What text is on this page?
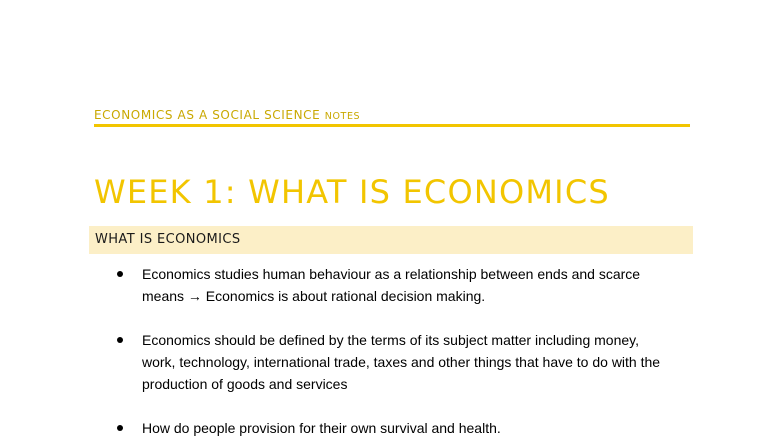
ECONOMICS AS A SOCIAL SCIENCE NOTES
WEEK 1: WHAT IS ECONOMICS
WHAT IS ECONOMICS
Economics studies human behaviour as a relationship between ends and scarce means → Economics is about rational decision making.
Economics should be defined by the terms of its subject matter including money, work, technology, international trade, taxes and other things that have to do with the production of goods and services
How do people provision for their own survival and health.
